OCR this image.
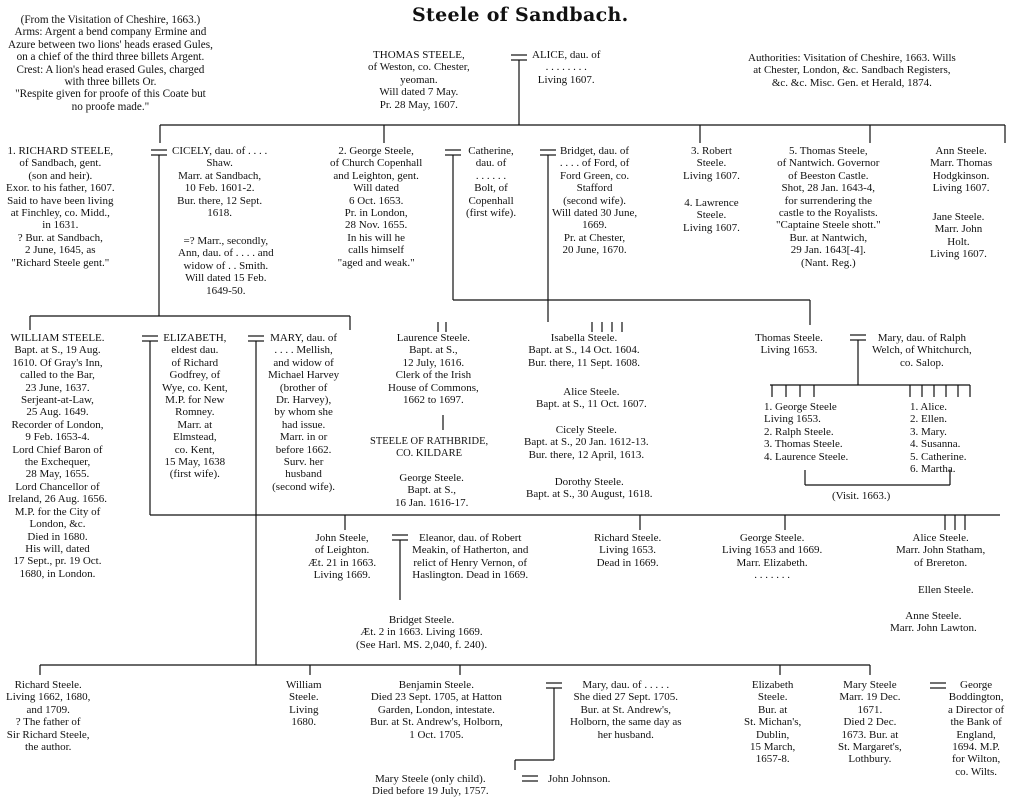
Steele of Sandbach.
(From the Visitation of Cheshire, 1663.)
Arms: Argent a bend company Ermine and
Azure between two lions' heads erased Gules,
on a chief of the third three billets Argent.
Crest: A lion's head erased Gules, charged
with three billets Or.
"Respite given for proofe of this Coate but
no proofe made."
Authorities: Visitation of Cheshire, 1663. Wills
at Chester, London, &c. Sandbach Registers,
&c. &c. Misc. Gen. et Herald, 1874.
THOMAS STEELE,
of Weston, co. Chester,
yeoman.
Will dated 7 May.
Pr. 28 May, 1607.
ALICE, dau. of
. . . . . . . .
Living 1607.
1. RICHARD STEELE,
of Sandbach, gent.
(son and heir).
Exor. to his father, 1607.
Said to have been living
at Finchley, co. Midd.,
in 1631.
? Bur. at Sandbach,
2 June, 1645, as
"Richard Steele gent."
CICELY, dau. of . . . .
Shaw.
Marr. at Sandbach,
10 Feb. 1601-2.
Bur. there, 12 Sept.
1618.
=? Marr., secondly,
Ann, dau. of . . . . and
widow of . . Smith.
Will dated 15 Feb.
1649-50.
2. George Steele,
of Church Copenhall
and Leighton, gent.
Will dated
6 Oct. 1653.
Pr. in London,
28 Nov. 1655.
In his will he
calls himself
"aged and weak."
Catherine,
dau. of
. . . . . .
Bolt, of
Copenhall
(first wife).
Bridget, dau. of
. . . . of Ford, of
Ford Green, co.
Stafford
(second wife).
Will dated 30 June,
1669.
Pr. at Chester,
20 June, 1670.
3. Robert
Steele.
Living 1607.
4. Lawrence
Steele.
Living 1607.
5. Thomas Steele,
of Nantwich. Governor
of Beeston Castle.
Shot, 28 Jan. 1643-4,
for surrendering the
castle to the Royalists.
"Captaine Steele shott."
Bur. at Nantwich,
29 Jan. 1643[-4].
(Nant. Reg.)
Ann Steele.
Marr. Thomas
Hodgkinson.
Living 1607.
Jane Steele.
Marr. John
Holt.
Living 1607.
WILLIAM STEELE.
Bapt. at S., 19 Aug.
1610. Of Gray's Inn,
called to the Bar,
23 June, 1637.
Serjeant-at-Law,
25 Aug. 1649.
Recorder of London,
9 Feb. 1653-4.
Lord Chief Baron of
the Exchequer,
28 May, 1655.
Lord Chancellor of
Ireland, 26 Aug. 1656.
M.P. for the City of
London, &c.
Died in 1680.
His will, dated
17 Sept., pr. 19 Oct.
1680, in London.
ELIZABETH,
eldest dau.
of Richard
Godfrey, of
Wye, co. Kent,
M.P. for New
Romney.
Marr. at
Elmstead,
co. Kent,
15 May, 1638
(first wife).
MARY, dau. of
. . . . Mellish,
and widow of
Michael Harvey
(brother of
Dr. Harvey),
by whom she
had issue.
Marr. in or
before 1662.
Surv. her
husband
(second wife).
Laurence Steele.
Bapt. at S.,
12 July, 1616.
Clerk of the Irish
House of Commons,
1662 to 1697.
STEELE OF RATHBRIDE,
CO. KILDARE
George Steele.
Bapt. at S.,
16 Jan. 1616-17.
Isabella Steele.
Bapt. at S., 14 Oct. 1604.
Bur. there, 11 Sept. 1608.
Alice Steele.
Bapt. at S., 11 Oct. 1607.
Cicely Steele.
Bapt. at S., 20 Jan. 1612-13.
Bur. there, 12 April, 1613.
Dorothy Steele.
Bapt. at S., 30 August, 1618.
Thomas Steele.
Living 1653.
Mary, dau. of Ralph
Welch, of Whitchurch,
co. Salop.
1. George Steele
Living 1653.
2. Ralph Steele.
3. Thomas Steele.
4. Laurence Steele.
1. Alice.
2. Ellen.
3. Mary.
4. Susanna.
5. Catherine.
6. Martha.
(Visit. 1663.)
John Steele,
of Leighton.
Æt. 21 in 1663.
Living 1669.
Eleanor, dau. of Robert
Meakin, of Hatherton, and
relict of Henry Vernon, of
Haslington. Dead in 1669.
Richard Steele.
Living 1653.
Dead in 1669.
George Steele.
Living 1653 and 1669.
Marr. Elizabeth.
. . . . . . .
Alice Steele.
Marr. John Statham,
of Brereton.
Ellen Steele.
Anne Steele.
Marr. John Lawton.
Bridget Steele.
Æt. 2 in 1663. Living 1669.
(See Harl. MS. 2,040, f. 240).
Richard Steele.
Living 1662, 1680,
and 1709.
? The father of
Sir Richard Steele,
the author.
William
Steele.
Living
1680.
Benjamin Steele.
Died 23 Sept. 1705, at Hatton
Garden, London, intestate.
Bur. at St. Andrew's, Holborn,
1 Oct. 1705.
Mary, dau. of . . . . .
She died 27 Sept. 1705.
Bur. at St. Andrew's,
Holborn, the same day as
her husband.
Elizabeth
Steele.
Bur. at
St. Michan's,
Dublin,
15 March,
1657-8.
Mary Steele
Marr. 19 Dec.
1671.
Died 2 Dec.
1673. Bur. at
St. Margaret's,
Lothbury.
George
Boddington,
a Director of
the Bank of
England,
1694. M.P.
for Wilton,
co. Wilts.
Mary Steele (only child).
Died before 19 July, 1757.
John Johnson.
